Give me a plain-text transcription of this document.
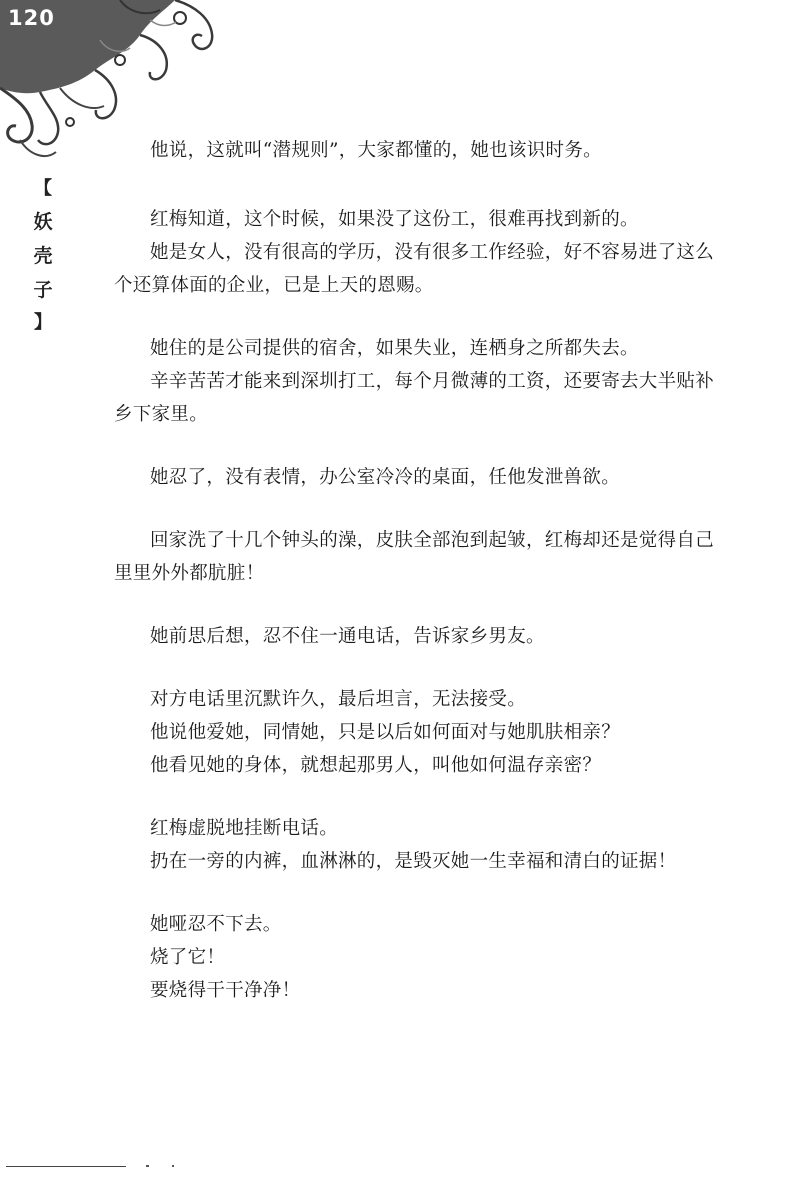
120
【
妖
壳
子
】

他说，这就叫“潜规则”，大家都懂的，她也该识时务。

红梅知道，这个时候，如果没了这份工，很难再找到新的。

她是女人，没有很高的学历，没有很多工作经验，好不容易进了这么个还算体面的企业，已是上天的恩赐。

她住的是公司提供的宿舍，如果失业，连栖身之所都失去。

辛辛苦苦才能来到深圳打工，每个月微薄的工资，还要寄去大半贴补乡下家里。

她忍了，没有表情，办公室冷冷的桌面，任他发泄兽欲。

回家洗了十几个钟头的澡，皮肤全部泡到起皱，红梅却还是觉得自己里里外外都肮脏！

她前思后想，忍不住一通电话，告诉家乡男友。

对方电话里沉默许久，最后坦言，无法接受。

他说他爱她，同情她，只是以后如何面对与她肌肤相亲？

他看见她的身体，就想起那男人，叫他如何温存亲密？

红梅虚脱地挂断电话。

扔在一旁的内裤，血淋淋的，是毁灭她一生幸福和清白的证据！

她哑忍不下去。

烧了它！

要烧得干干净净！
